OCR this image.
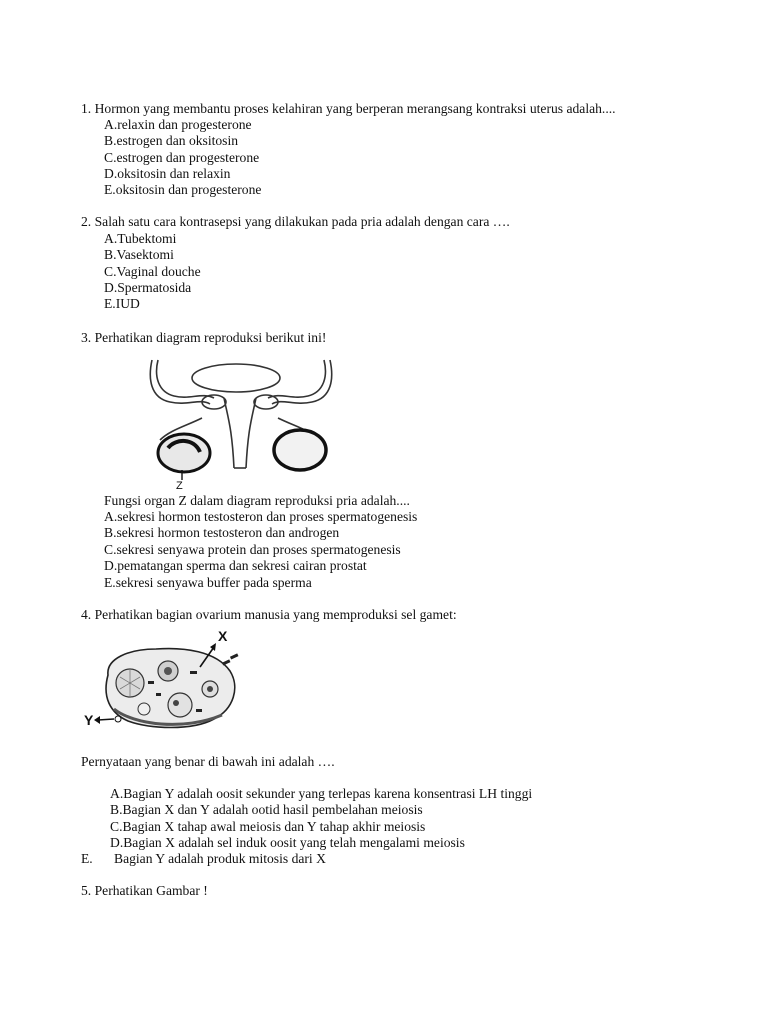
1. Hormon yang membantu proses kelahiran yang berperan merangsang kontraksi uterus adalah....
A.relaxin dan progesterone
B.estrogen dan oksitosin
C.estrogen dan progesterone
D.oksitosin dan relaxin
E.oksitosin dan progesterone
2. Salah satu cara kontrasepsi yang dilakukan pada pria adalah dengan cara ….
A.Tubektomi
B.Vasektomi
C.Vaginal douche
D.Spermatosida
E.IUD
3. Perhatikan diagram reproduksi berikut ini!
Z
Fungsi organ Z dalam diagram reproduksi pria adalah....
A.sekresi hormon testosteron dan proses spermatogenesis
B.sekresi hormon testosteron dan androgen
C.sekresi senyawa protein dan proses spermatogenesis
D.pematangan sperma dan sekresi cairan prostat
E.sekresi senyawa buffer pada sperma
4. Perhatikan bagian ovarium manusia yang memproduksi sel gamet:
X
Y
Pernyataan yang benar di bawah ini adalah ….
A.Bagian Y adalah oosit sekunder yang terlepas karena konsentrasi LH tinggi
B.Bagian X dan Y adalah ootid hasil pembelahan meiosis
C.Bagian X tahap awal meiosis dan Y tahap akhir meiosis
D.Bagian X adalah sel induk oosit yang telah mengalami meiosis
E. Bagian Y adalah produk mitosis dari X
5. Perhatikan Gambar !
